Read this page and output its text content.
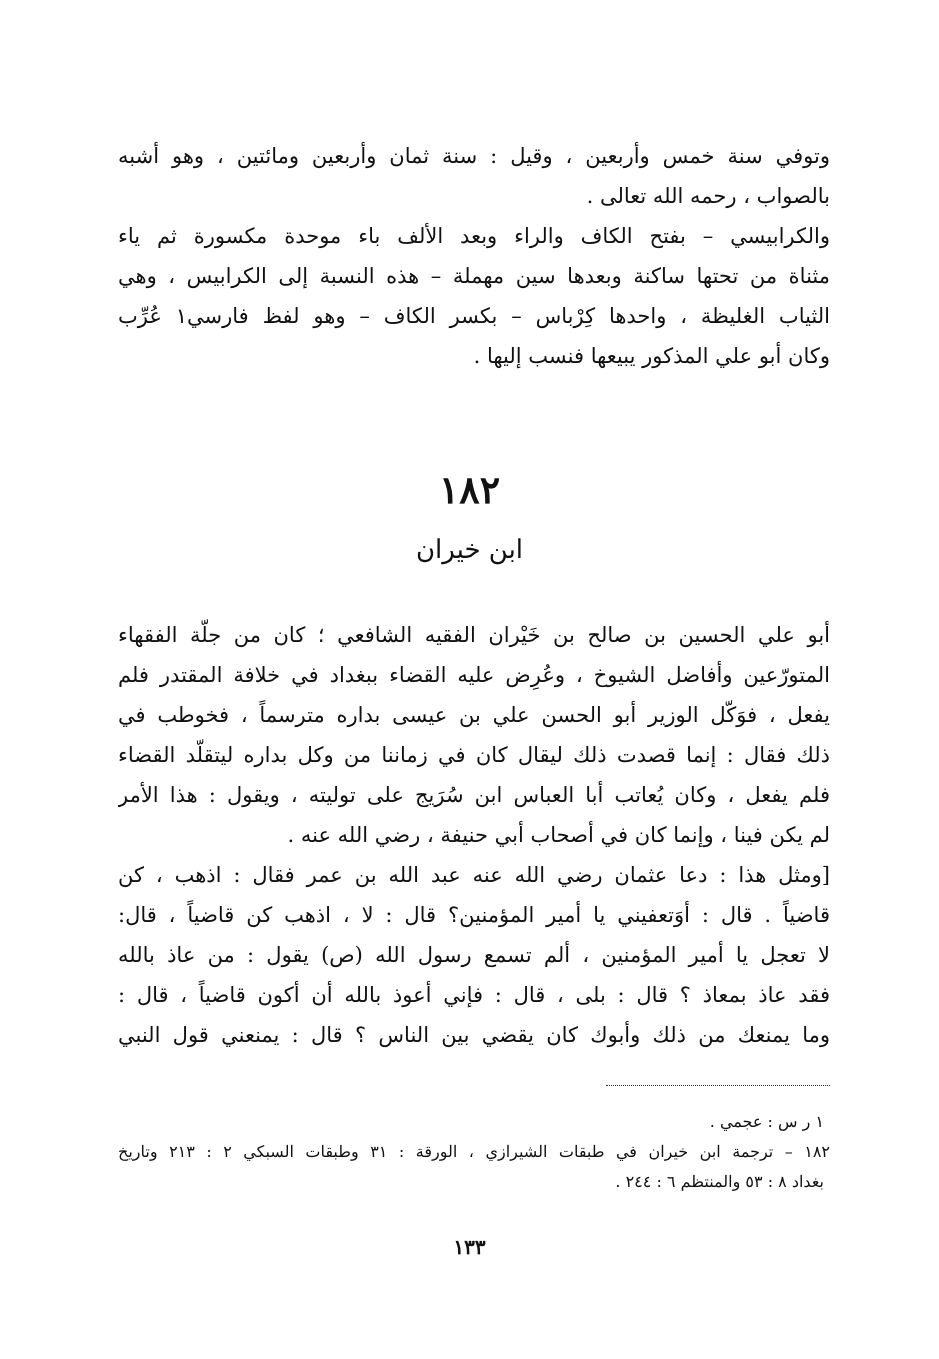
وتوفي سنة خمس وأربعين ، وقيل : سنة ثمان وأربعين ومائتين ، وهو أشبه
بالصواب ، رحمه الله تعالى .
والكرابيسي – بفتح الكاف والراء وبعد الألف باء موحدة مكسورة ثم ياء
مثناة من تحتها ساكنة وبعدها سين مهملة – هذه النسبة إلى الكرابيس ، وهي
الثياب الغليظة ، واحدها كِرْباس – بكسر الكاف – وهو لفظ فارسي١ عُرِّب
وكان أبو علي المذكور يبيعها فنسب إليها .
١٨٢
ابن خيران
أبو علي الحسين بن صالح بن خَيْران الفقيه الشافعي ؛ كان من جلّة الفقهاء
المتورّعين وأفاضل الشيوخ ، وعُرِض عليه القضاء ببغداد في خلافة المقتدر فلم
يفعل ، فوَكّل الوزير أبو الحسن علي بن عيسى بداره مترسماً ، فخوطب في
ذلك فقال : إنما قصدت ذلك ليقال كان في زماننا من وكل بداره ليتقلّد القضاء
فلم يفعل ، وكان يُعاتب أبا العباس ابن سُرَيج على توليته ، ويقول : هذا الأمر
لم يكن فينا ، وإنما كان في أصحاب أبي حنيفة ، رضي الله عنه .
[ومثل هذا : دعا عثمان رضي الله عنه عبد الله بن عمر فقال : اذهب ، كن
قاضياً . قال : أوَتعفيني يا أمير المؤمنين؟ قال : لا ، اذهب كن قاضياً ، قال:
لا تعجل يا أمير المؤمنين ، ألم تسمع رسول الله (ص) يقول : من عاذ بالله
فقد عاذ بمعاذ ؟ قال : بلى ، قال : فإني أعوذ بالله أن أكون قاضياً ، قال :
وما يمنعك من ذلك وأبوك كان يقضي بين الناس ؟ قال : يمنعني قول النبي
١ ر س : عجمي .
١٨٢ – ترجمة ابن خيران في طبقات الشيرازي ، الورقة : ٣١ وطبقات السبكي ٢ : ٢١٣ وتاريخ
بغداد ٨ : ٥٣ والمنتظم ٦ : ٢٤٤ .
١٣٣
